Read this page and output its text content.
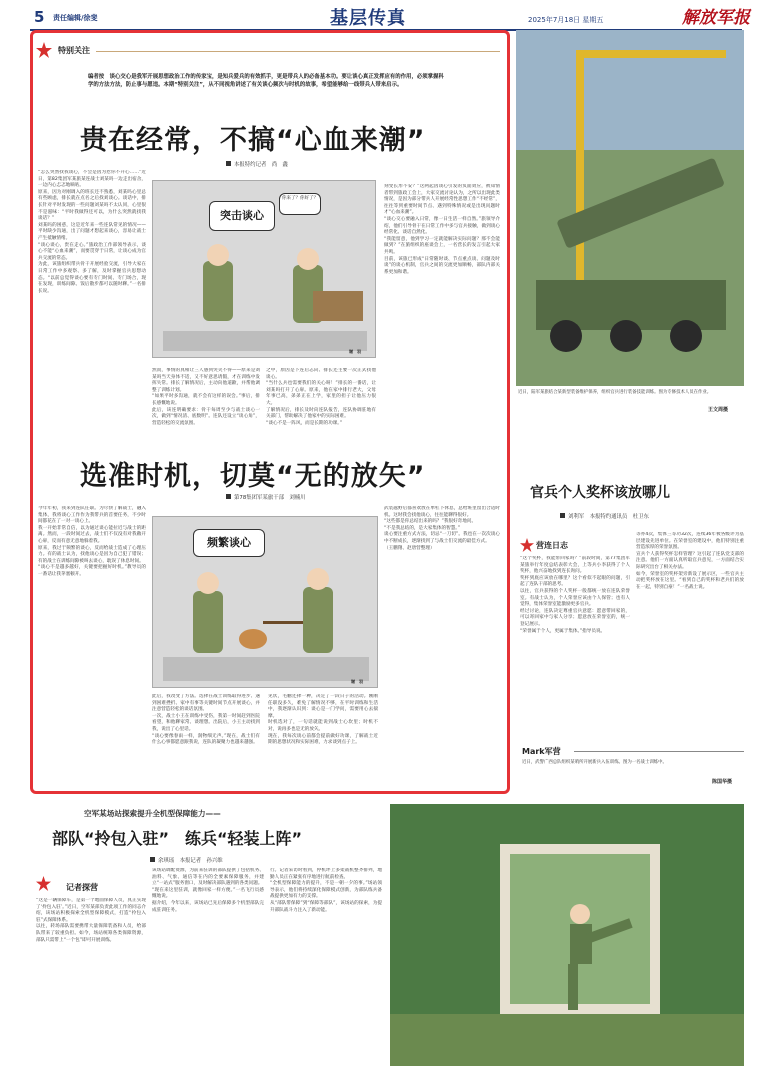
5 责任编辑/徐斐	基层传真	2025年7月18日 星期五	解放军报
特别关注
编者按　谈心交心是我军开展思想政治工作的传家宝，是知兵爱兵的有效抓手，更是带兵人的必备基本功。要让谈心真正发挥应有的作用，必须掌握科学的方法方法，防止事与愿违。本期“特别关注”，从不同视角讲述了有关谈心频次与时机的故事，希望能够给一线带兵人带来启示。
贵在经常，不搞“心血来潮”
本报特约记者　尚　鑫
“怎么突然找我谈心，不会是因为惹你不开心……”近日，第82集团军某旅某连战士刘某吗一边走出宿舍，一边内心忐忑地嘀咕。
原来，因为对刚调入的班长还不熟悉，刘某吗心里总有些顾虑，排长就在点名之后找刘谈心。谈话中，排长针对平时发现的一些问题刘某吗不太认同，心里很不是滋味：“平时我做得还可以，为什么突然就找我谈话？”
刘某吗的困惑，这是近年来一些连队常见的情况——平时缺少沟通，出了问题才想起来谈心，容易让战士产生抵触情绪。
“谈心谈心，贵在走心。”旅政治工作部领导表示，谈心不能“心血来潮”，而要贯穿于日常，让谈心成为官兵交流的常态。
为此，该旅组织带兵骨干开展经验交流，引导大家在日常工作中多观察、多了解，及时掌握官兵思想动态。“以前总觉得谈心要有专门时间、专门场合，现在发现，训练间隙、饭后散步都可以随时聊。”一名排长说。
突击谈心
你来了？你好了？
谢　羽
然而，事情的真相让三人感到哭笑不得——原来是刘某吗当天身体不适，又不好意思请假，才在训练中发挥失常。排长了解情况后，主动向他道歉，并帮他调整了训练计划。
“如果平时多沟通，就不会有这样的误会。”事后，排长感慨地说。
此后，该连明确要求：骨干每周至少与战士谈心一次，做到“情况清、底数明”。连队还设立“谈心角”，营造轻松的交流氛围。
之中，原因是下连后志向、排长还主要一次正式找他谈心。
“当什么兵也需要我们的关心呀！”排长的一番话，让刘某吗打开了心扉。原来，他在家中排行老大，父母年事已高，弟弟正在上学，家里的担子让他压力很大。
了解情况后，排长及时向连队报告，连队协调驻地有关部门，帮助解决了他家中的实际困难。
“谈心不是一阵风，而是长期的功课。”
刻变长形不安？”这两起因谈心引发的负面效应，被知情者带到旅政工会上，大家交流讨论认为，之所以出现此类情况，是因为部分带兵人开展经常性思想工作“不经常”，往往等到重要时间节点、遇到特殊情况或是出现问题时才“心血来潮”。
“谈心交心要融入日常，像一日生活一样自然。”旅领导介绍，他们引导骨干在日常工作中多与官兵接触，做到谈心经常化、谈话自然化。
“我能留意，他到学习一定就能解决实际问题？那不会能做到？”在旅组织的座谈会上，一名营长的发言引起大家共鸣。
目前，该旅已形成“日常随时谈、节点重点谈、问题及时谈”的谈心机制，官兵之间的交流更加顺畅，部队内部关系更加和谐。
选准时机，切莫“无的放矢”
第78集团军某旅干部　刘楠川
今年年初，我来到连队任职。为尽快了解战士，融入集体，我将谈心工作作为我带兵的首要任务，不少时间都花在了一对一谈心上。
我一开始非常自信，以为通过谈心能拉近与战士的距离。然而，一段时间过去，战士们不仅没有对我敞开心扉，反而有意无意地躲着我。
原来，我过于频繁的谈心，反而给战士造成了心理压力。有的战士认为，找他谈心是因为自己犯了错误；有的战士在训练间隙被叫去谈心，耽误了休息时间。
“谈心不是越多越好，关键要把握好时机。”教导员的一番话让我茅塞顿开。
频繁谈心
谢　羽
此后，我改变了方法。选择在战士训练取得进步、遇到困难挫折、家中有事等关键时间节点开展谈心，并注意营造轻松的谈话氛围。
一次，战士小王在训练中受伤，我第一时间赶到医院看望，和他聊家常、谈理想。出院后，小王主动找到我，说出了心里话。
“谈心要像春雨一样，润物细无声。”现在，战士们有什么心事都愿意跟我说，连队的凝聚力也越来越强。
见状，毛鹏还择一种，决定了一段日子的活动。刚刚任职没多久，难免了解情况不够，在平时训练和生活中，我逐渐认识到：谈心是一门学问，需要用心去揣摩。
时机选对了，一句话就能说到战士心坎里；时机不对，说再多也是无的放矢。
现在，我每次谈心前都会提前做好功课，了解战士近期的思想状况和实际困难，力求谈到点子上。
武装越野后都喜欢放在单杠下休息，总给班里留出合适时机。这时我会找他谈心，往往能聊得很好。
“这些都是你总结出来的吗？”我很好奇地问。
“不是我总结的，是大家集体的智慧。”
谈心要注重方式方法，切忌“一刀切”。我也在一次次谈心中不断成长，逐渐找到了与战士们交流的最佳方式。
（王鹏翔、赵唐营整理）
近日，陆军某旅结合某新型装备维护保养，组织官兵进行装备技能训练。图为专修技术人员在作业。
王文周摄
官兵个人奖杯该放哪儿
刘利军　本报特约通讯员　杜卫东
营连日志
“这个奖杯，我能带回家吗？”前段时间，第77集团军某旅举行年度总结表彰大会，上等兵小李获得了个人奖杯，他兴奋地找到连长询问。
奖杯到底应该放在哪里？这个看似不起眼的问题，引起了连队干部的思考。
以往，官兵获得的个人奖杯一般都统一放在连队荣誉室。有战士认为，个人荣誉应该由个人保管；也有人觉得，集体荣誉室能激励更多官兵。
经过讨论，连队决定尊重官兵意愿：愿意带回家的，可以寄回家中与家人分享；愿意放在荣誉室的，统一登记展示。
“荣誉属于个人，更属于集体。”指导员说。
等亦4次，集体三等功32次，连续36年被各级评为基层建设先进单位。在荣誉室的建设中，他们特别注重营造浓厚的荣誉氛围。
宣兵个人获得奖杯怎样管理？这引起了连队党支部的注意。他们一方面认真听取官兵意见，一方面结合实际研究出台了相关办法。
如今，荣誉室的奖杯架旁新设了展示区，一些官兵主动把奖杯放在这里。“看到自己的奖杯和老兵们的放在一起，特别自豪！”一名战士说。
Mark军营
近日，武警广西总队组织某哨所开展新兵入伍训练。图为一名战士训练中。
陈国华摄
空军某场站探索提升全机型保障能力——
部队“拎包入驻”　练兵“轻装上阵”
余琪瑶　本报记者　孙兴维
记者探营
“这是一辆保障车，是第一个地面保障人员，真正实现了‘拎包入驻’。”近日，空军某部负责此项工作的同志介绍，该场站积极探索全机型保障模式，打造“拎包入驻”式保障体系。
以往，转场部队需要携带大量保障装备和人员，给部队带来了较重负担。如今，场站统筹各类保障资源，部队只需带上“一个包”即可开展训练。
该场站调配资源，为前来驻训的部队提供了包括机务、油料、气象、通信等在内的全要素保障服务，并建立“一站式”服务窗口，及时解决部队遇到的各类问题。
“现在来这里驻训，就像回家一样方便。”一名飞行员感慨地说。
据介绍，今年以来，该场站已先后保障多个机型部队完成驻训任务。
行。记者采访时看到，停机坪上多架战机整齐排列，地勤人员正在紧张有序地进行航前检查。
“全机型保障能力的提升，不是一朝一夕的事。”场站领导表示，他们将持续深化保障模式创新，为部队练兵备战提供更加有力的支撑。
从“部队带保障”到“保障等部队”，该场站的探索，为提升部队战斗力注入了新动能。
